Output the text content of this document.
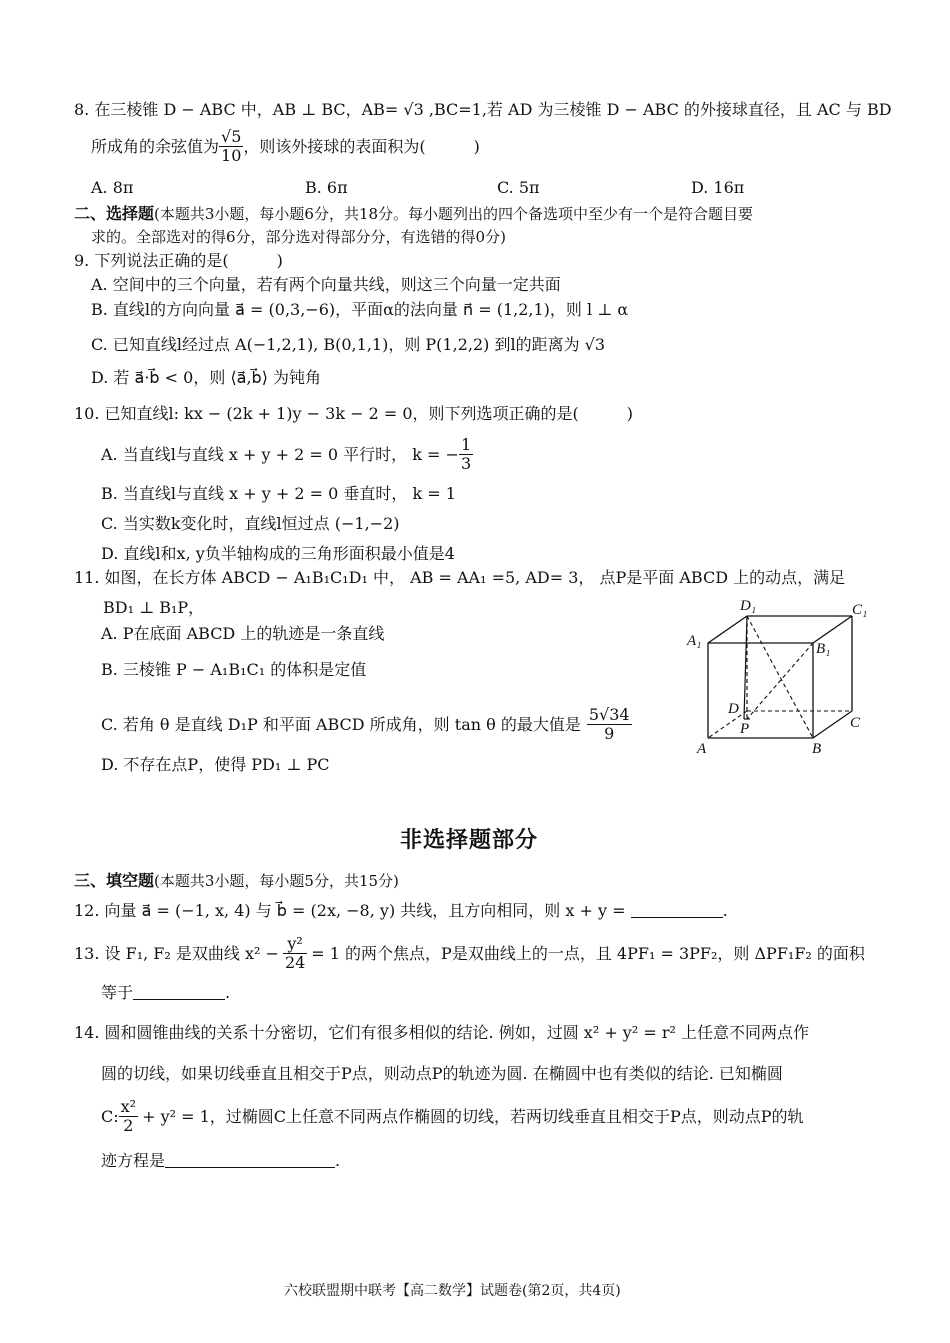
8. 在三棱锥 D − ABC 中，AB ⊥ BC，AB= √3 ,BC=1,若 AD 为三棱锥 D − ABC 的外接球直径，且 AC 与 BD
所成角的余弦值为 $\frac{√5}{10}$ ，则该外接球的表面积为(　　　)
A. 8π	B. 6π	C. 5π	D. 16π
二、选择题(本题共3小题，每小题6分，共18分。每小题列出的四个备选项中至少有一个是符合题目要
求的。全部选对的得6分，部分选对得部分分，有选错的得0分)
9. 下列说法正确的是(　　　)
A. 空间中的三个向量，若有两个向量共线，则这三个向量一定共面
B. 直线l的方向向量 a⃗ = (0,3,−6)，平面α的法向量 n⃗ = (1,2,1)，则 l ⊥ α
C. 已知直线l经过点 A(−1,2,1), B(0,1,1)，则 P(1,2,2) 到l的距离为 √3
D. 若 a⃗·b⃗ < 0，则 ⟨a⃗,b⃗⟩ 为钝角
10. 已知直线l: kx − (2k + 1)y − 3k − 2 = 0，则下列选项正确的是(　　　)
A. 当直线l与直线 x + y + 2 = 0 平行时， k = − $\frac{1}{3}$
B. 当直线l与直线 x + y + 2 = 0 垂直时， k = 1
C. 当实数k变化时，直线l恒过点 (−1,−2)
D. 直线l和x, y负半轴构成的三角形面积最小值是4
11. 如图，在长方体 ABCD − A₁B₁C₁D₁ 中， AB = AA₁ =5, AD= 3， 点P是平面 ABCD 上的动点，满足
BD₁ ⊥ B₁P，
A. P在底面 ABCD 上的轨迹是一条直线
B. 三棱锥 P − A₁B₁C₁ 的体积是定值
C. 若角 θ 是直线 D₁P 和平面 ABCD 所成角，则 tan θ 的最大值是 $\frac{5√34}{9}$
D. 不存在点P，使得 PD₁ ⊥ PC
D₁	C₁
A₁	B₁
D
P	C
A	B
非选择题部分
三、填空题(本题共3小题，每小题5分，共15分)
12. 向量 a⃗ = (−1, x, 4) 与 b⃗ = (2x, −8, y) 共线，且方向相同，则 x + y =	.
13. 设 F₁, F₂ 是双曲线 $x^2 - \frac{\text{y²}}{24} = 1$ 的两个焦点，P是双曲线上的一点，且 4PF₁ = 3PF₂，则 ΔPF₁F₂ 的面积
等于	.
14. 圆和圆锥曲线的关系十分密切，它们有很多相似的结论. 例如，过圆 x² + y² = r² 上任意不同两点作
圆的切线，如果切线垂直且相交于P点，则动点P的轨迹为圆. 在椭圆中也有类似的结论. 已知椭圆
C: $\frac{\text{x²}}{2} + y^2 = 1$，过椭圆C上任意不同两点作椭圆的切线，若两切线垂直且相交于P点，则动点P的轨
迹方程是	.
六校联盟期中联考【高二数学】试题卷(第2页，共4页)
